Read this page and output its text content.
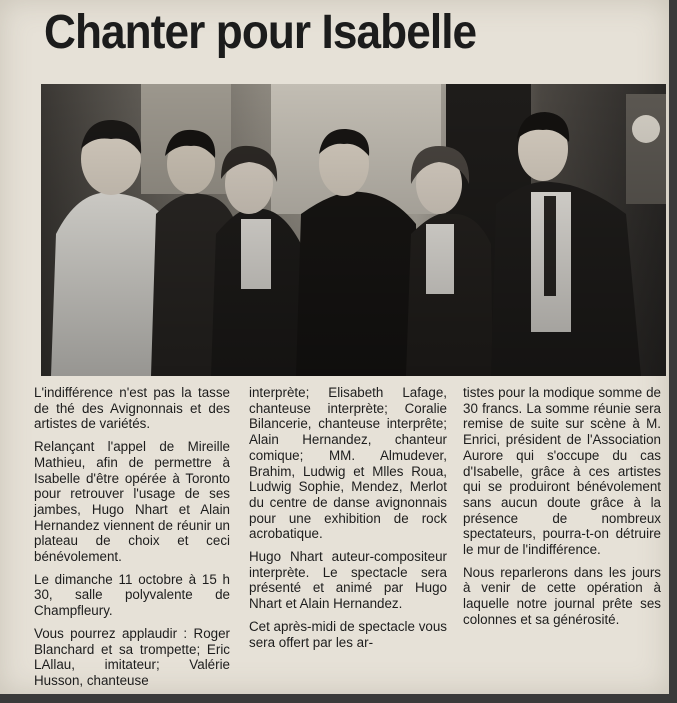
Chanter pour Isabelle

L'indifférence n'est pas la tasse de thé des Avignonnais et des artistes de variétés.

Relançant l'appel de Mireille Mathieu, afin de permettre à Isabelle d'être opérée à Toronto pour retrouver l'usage de ses jambes, Hugo Nhart et Alain Hernandez viennent de réunir un plateau de choix et ceci bénévolement.

Le dimanche 11 octobre à 15 h 30, salle polyvalente de Champfleury.

Vous pourrez applaudir : Roger Blanchard et sa trompette; Eric LAllau, imitateur; Valérie Husson, chanteuse

interprète; Elisabeth Lafage, chanteuse interprète; Coralie Bilancerie, chanteuse interprête; Alain Hernandez, chanteur comique; MM. Almudever, Brahim, Ludwig et Mlles Roua, Ludwig Sophie, Mendez, Merlot du centre de danse avignonnais pour une exhibition de rock acrobatique.

Hugo Nhart auteur-compositeur interprète. Le spectacle sera présenté et animé par Hugo Nhart et Alain Hernandez.

Cet après-midi de spectacle vous sera offert par les ar-

tistes pour la modique somme de 30 francs. La somme réunie sera remise de suite sur scène à M. Enrici, président de l'Association Aurore qui s'occupe du cas d'Isabelle, grâce à ces artistes qui se produiront bénévolement sans aucun doute grâce à la présence de nombreux spectateurs, pourra-t-on détruire le mur de l'indifférence.

Nous reparlerons dans les jours à venir de cette opération à laquelle notre journal prête ses colonnes et sa générosité.
